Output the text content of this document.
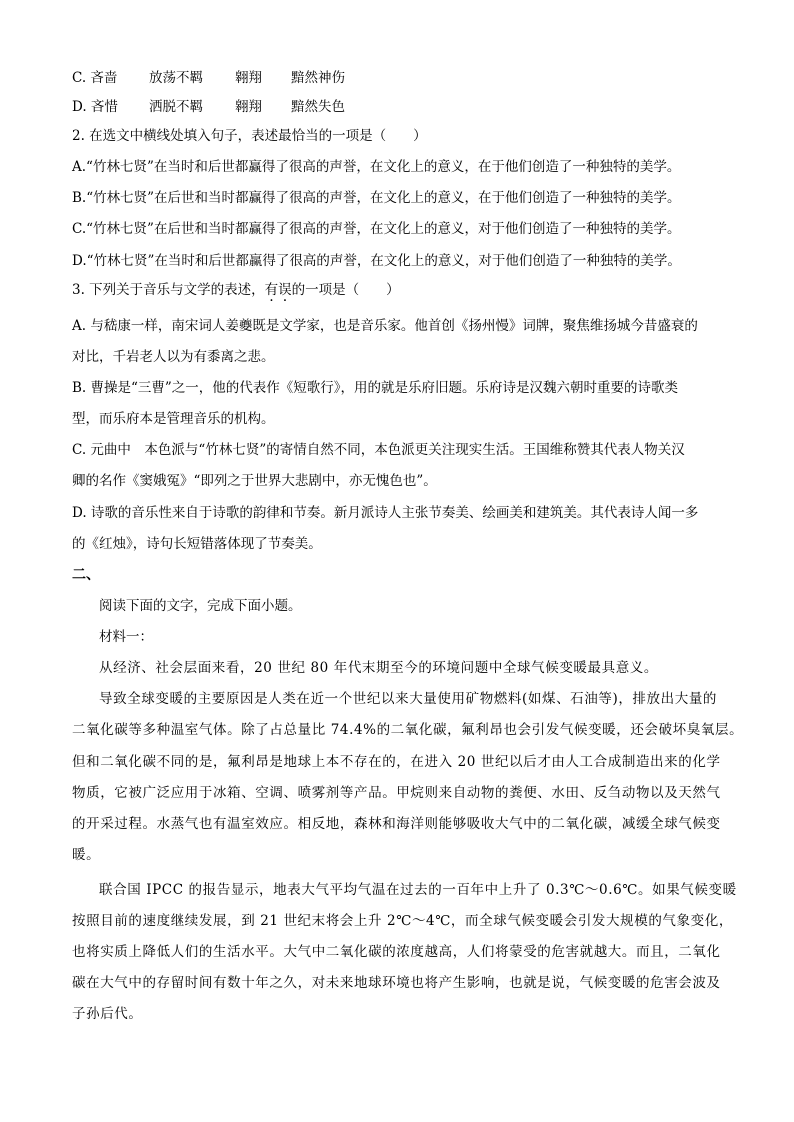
C. 吝啬 放荡不羁 翱翔 黯然神伤
D. 吝惜 洒脱不羁 翱翔 黯然失色
2. 在选文中横线处填入句子，表述最恰当的一项是（　　）
A.“竹林七贤”在当时和后世都赢得了很高的声誉，在文化上的意义，在于他们创造了一种独特的美学。
B.“竹林七贤”在后世和当时都赢得了很高的声誉，在文化上的意义，在于他们创造了一种独特的美学。
C.“竹林七贤”在后世和当时都赢得了很高的声誉，在文化上的意义，对于他们创造了一种独特的美学。
D.“竹林七贤”在当时和后世都赢得了很高的声誉，在文化上的意义，对于他们创造了一种独特的美学。
3. 下列关于音乐与文学的表述，有误的一项是（　　）
A. 与嵇康一样，南宋词人姜夔既是文学家，也是音乐家。他首创《扬州慢》词牌，聚焦维扬城今昔盛衰的
对比，千岩老人以为有黍离之悲。
B. 曹操是“三曹”之一，他的代表作《短歌行》，用的就是乐府旧题。乐府诗是汉魏六朝时重要的诗歌类
型，而乐府本是管理音乐的机构。
C. 元曲中　本色派与“竹林七贤”的寄情自然不同，本色派更关注现实生活。王国维称赞其代表人物关汉
卿的名作《窦娥冤》“即列之于世界大悲剧中，亦无愧色也”。
D. 诗歌的音乐性来自于诗歌的韵律和节奏。新月派诗人主张节奏美、绘画美和建筑美。其代表诗人闻一多
的《红烛》，诗句长短错落体现了节奏美。
二、
阅读下面的文字，完成下面小题。
材料一：
从经济、社会层面来看，20 世纪 80 年代末期至今的环境问题中全球气候变暖最具意义。
导致全球变暖的主要原因是人类在近一个世纪以来大量使用矿物燃料(如煤、石油等)，排放出大量的
二氧化碳等多种温室气体。除了占总量比 74.4%的二氧化碳，氟利昂也会引发气候变暖，还会破坏臭氧层。
但和二氧化碳不同的是，氟利昂是地球上本不存在的，在进入 20 世纪以后才由人工合成制造出来的化学
物质，它被广泛应用于冰箱、空调、喷雾剂等产品。甲烷则来自动物的粪便、水田、反刍动物以及天然气
的开采过程。水蒸气也有温室效应。相反地，森林和海洋则能够吸收大气中的二氧化碳，减缓全球气候变
暖。
联合国 IPCC 的报告显示，地表大气平均气温在过去的一百年中上升了 0.3℃～0.6℃。如果气候变暖
按照目前的速度继续发展，到 21 世纪末将会上升 2℃～4℃，而全球气候变暖会引发大规模的气象变化，
也将实质上降低人们的生活水平。大气中二氧化碳的浓度越高，人们将蒙受的危害就越大。而且，二氧化
碳在大气中的存留时间有数十年之久，对未来地球环境也将产生影响，也就是说，气候变暖的危害会波及
子孙后代。
